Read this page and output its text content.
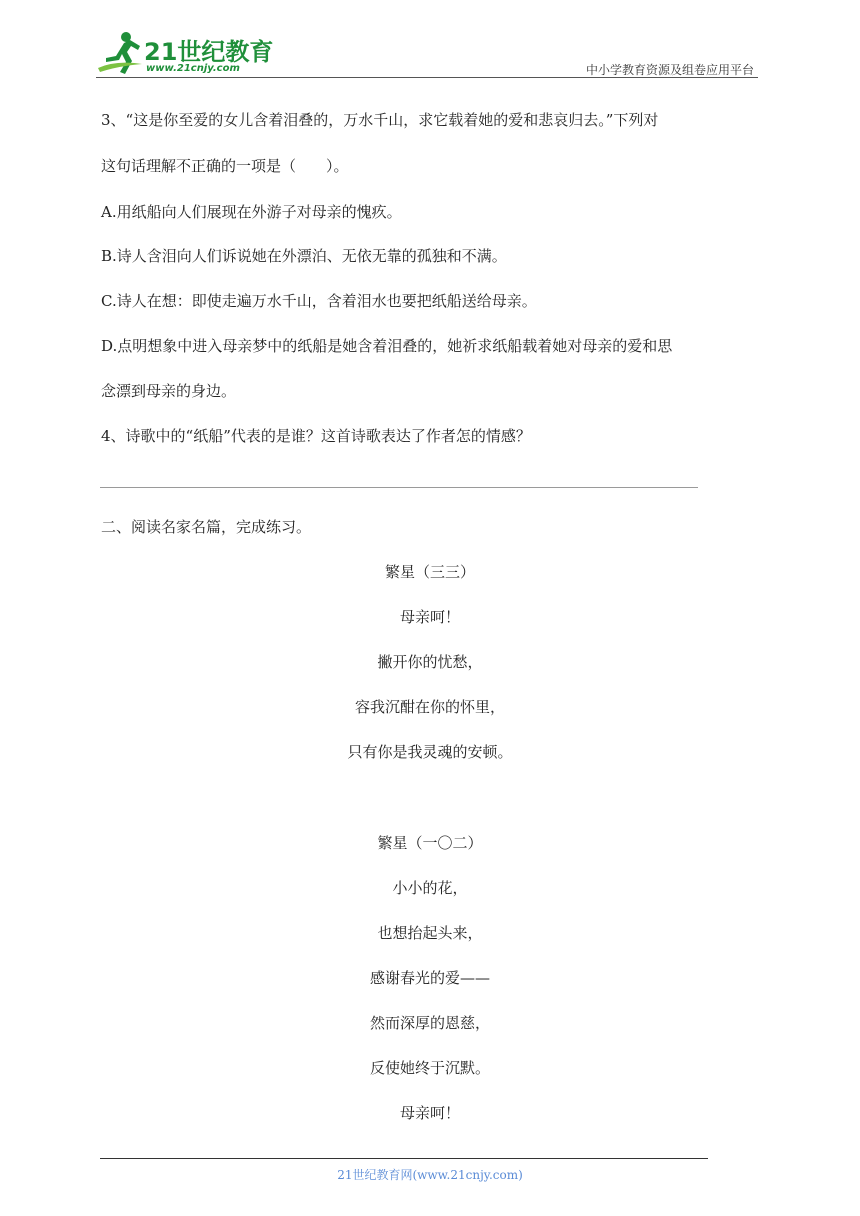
21世纪教育
www.21cnjy.com	中小学教育资源及组卷应用平台
3、“这是你至爱的女儿含着泪叠的，万水千山，求它载着她的爱和悲哀归去。”下列对
这句话理解不正确的一项是（　　）。
A.用纸船向人们展现在外游子对母亲的愧疚。
B.诗人含泪向人们诉说她在外漂泊、无依无靠的孤独和不满。
C.诗人在想：即使走遍万水千山，含着泪水也要把纸船送给母亲。
D.点明想象中进入母亲梦中的纸船是她含着泪叠的，她祈求纸船载着她对母亲的爱和思
念漂到母亲的身边。
4、诗歌中的“纸船”代表的是谁？这首诗歌表达了作者怎的情感？
二、阅读名家名篇，完成练习。
繁星（三三）
母亲呵！
撇开你的忧愁，
容我沉酣在你的怀里，
只有你是我灵魂的安顿。
繁星（一〇二）
小小的花，
也想抬起头来，
感谢春光的爱——
然而深厚的恩慈，
反使她终于沉默。
母亲呵！
21世纪教育网(www.21cnjy.com)
